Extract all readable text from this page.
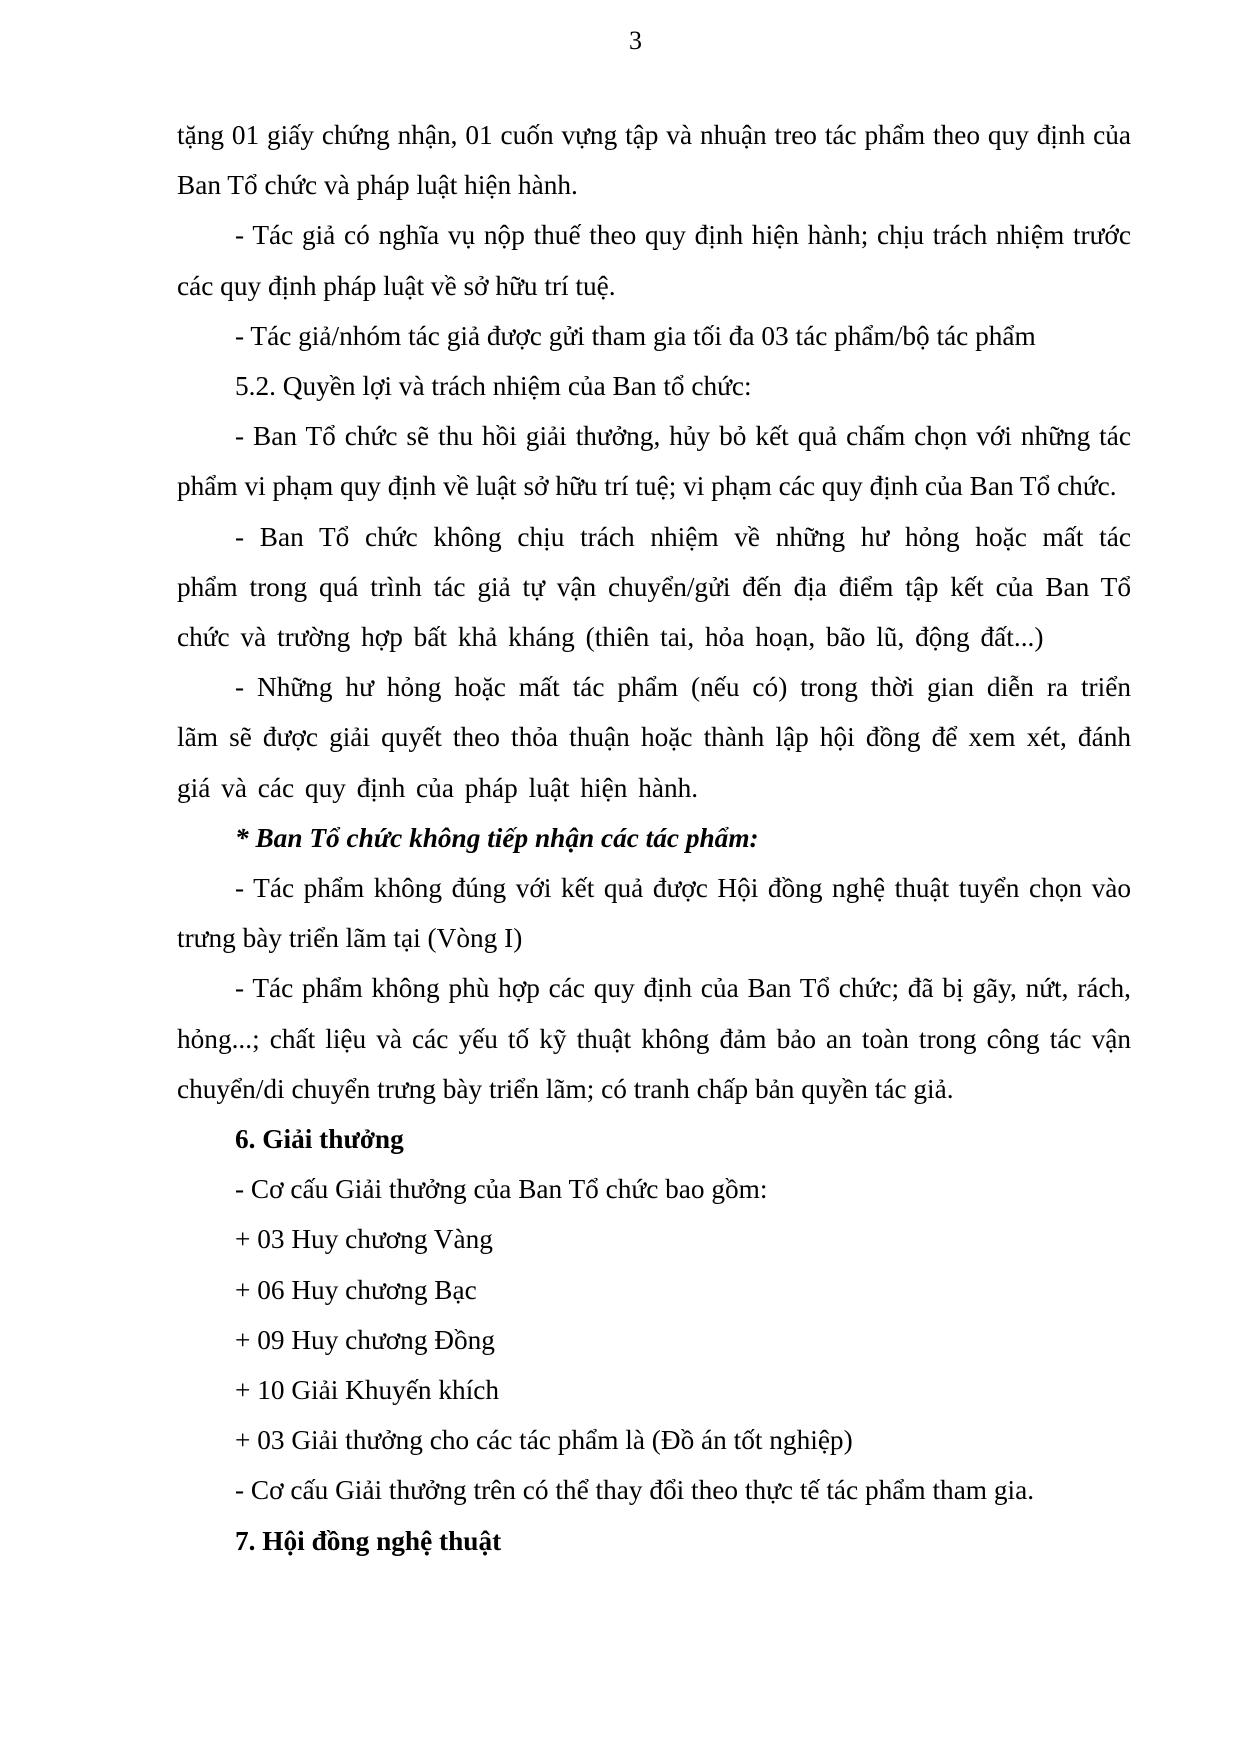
3

tặng 01 giấy chứng nhận, 01 cuốn vựng tập và nhuận treo tác phẩm theo quy định của Ban Tổ chức và pháp luật hiện hành.

- Tác giả có nghĩa vụ nộp thuế theo quy định hiện hành; chịu trách nhiệm trước các quy định pháp luật về sở hữu trí tuệ.

- Tác giả/nhóm tác giả được gửi tham gia tối đa 03 tác phẩm/bộ tác phẩm

5.2. Quyền lợi và trách nhiệm của Ban tổ chức:

- Ban Tổ chức sẽ thu hồi giải thưởng, hủy bỏ kết quả chấm chọn với những tác phẩm vi phạm quy định về luật sở hữu trí tuệ; vi phạm các quy định của Ban Tổ chức.

- Ban Tổ chức không chịu trách nhiệm về những hư hỏng hoặc mất tác phẩm trong quá trình tác giả tự vận chuyển/gửi đến địa điểm tập kết của Ban Tổ chức và trường hợp bất khả kháng (thiên tai, hỏa hoạn, bão lũ, động đất...)

- Những hư hỏng hoặc mất tác phẩm (nếu có) trong thời gian diễn ra triển lãm sẽ được giải quyết theo thỏa thuận hoặc thành lập hội đồng để xem xét, đánh giá và các quy định của pháp luật hiện hành.

* Ban Tổ chức không tiếp nhận các tác phẩm:

- Tác phẩm không đúng với kết quả được Hội đồng nghệ thuật tuyển chọn vào trưng bày triển lãm tại (Vòng I)

- Tác phẩm không phù hợp các quy định của Ban Tổ chức; đã bị gãy, nứt, rách, hỏng...; chất liệu và các yếu tố kỹ thuật không đảm bảo an toàn trong công tác vận chuyển/di chuyển trưng bày triển lãm; có tranh chấp bản quyền tác giả.

6. Giải thưởng

- Cơ cấu Giải thưởng của Ban Tổ chức bao gồm:

+ 03 Huy chương Vàng

+ 06 Huy chương Bạc

+ 09 Huy chương Đồng

+ 10 Giải Khuyến khích

+ 03 Giải thưởng cho các tác phẩm là (Đồ án tốt nghiệp)

- Cơ cấu Giải thưởng trên có thể thay đổi theo thực tế tác phẩm tham gia.

7. Hội đồng nghệ thuật
